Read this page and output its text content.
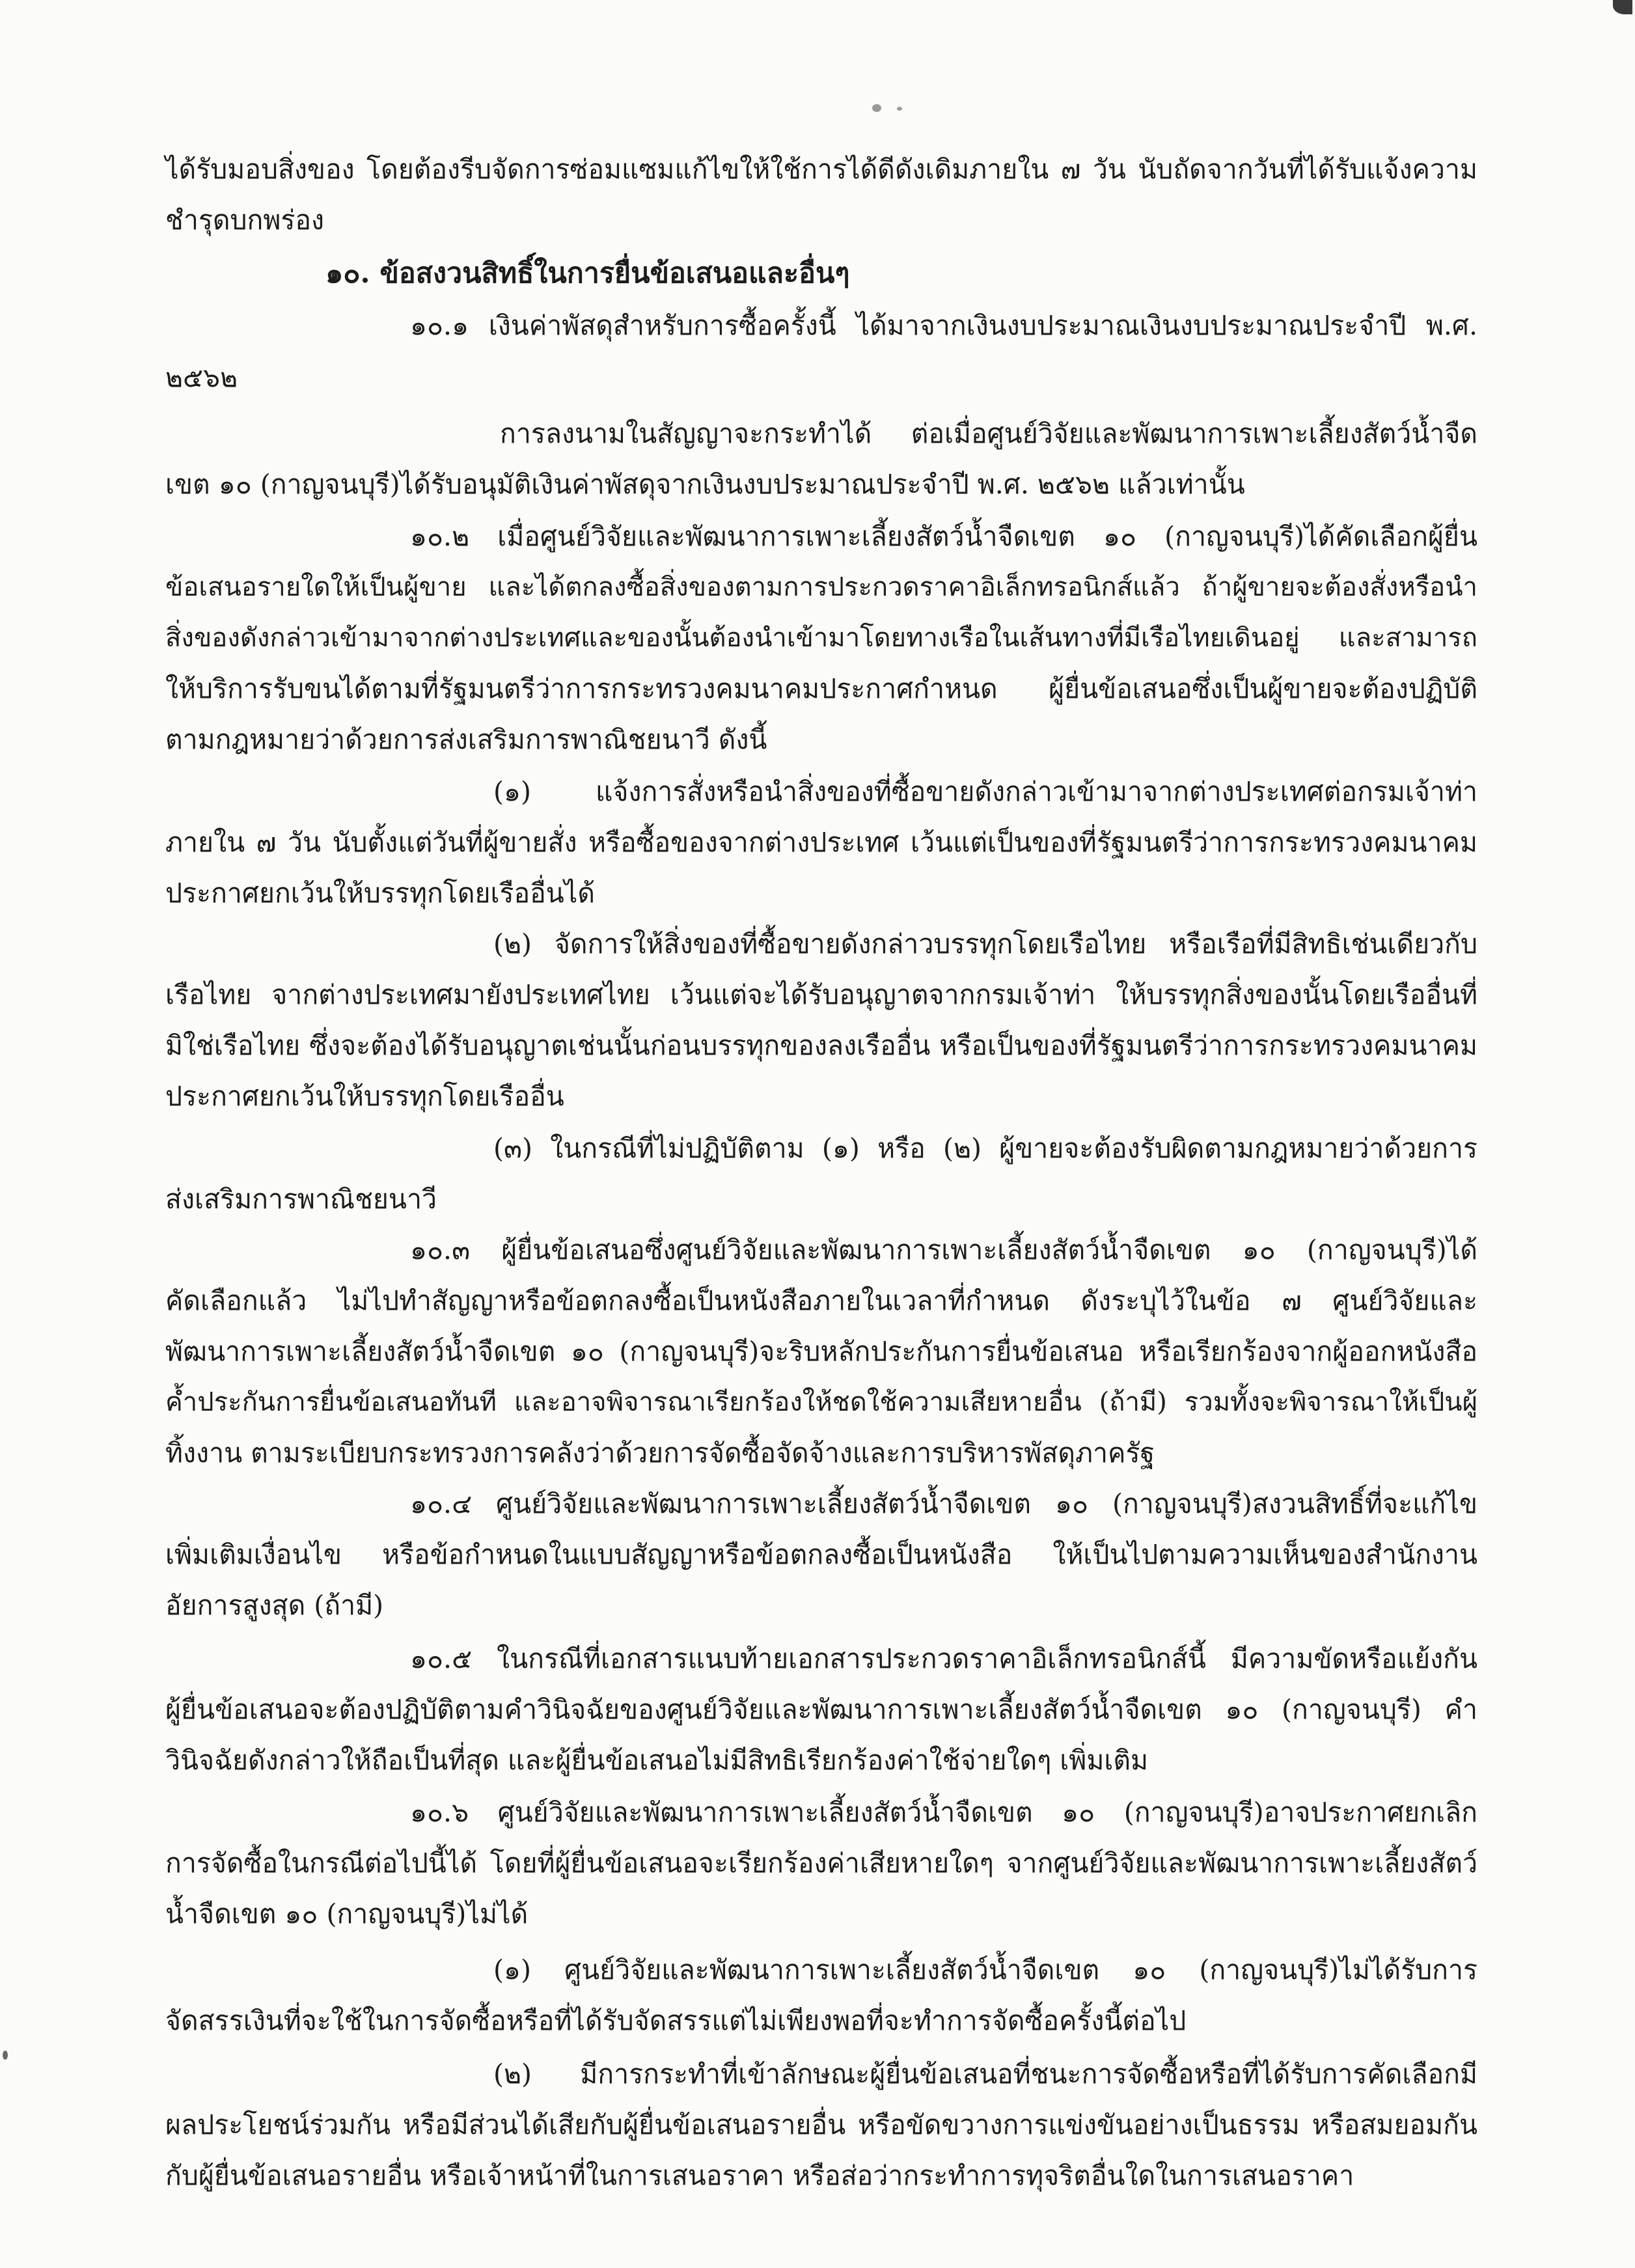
ได้รับมอบสิ่งของ โดยต้องรีบจัดการซ่อมแซมแก้ไขให้ใช้การได้ดีดังเดิมภายใน ๗ วัน นับถัดจากวันที่ได้รับแจ้งความ
ชำรุดบกพร่อง
๑๐. ข้อสงวนสิทธิ์ในการยื่นข้อเสนอและอื่นๆ
๑๐.๑ เงินค่าพัสดุสำหรับการซื้อครั้งนี้ ได้มาจากเงินงบประมาณเงินงบประมาณประจำปี พ.ศ.
๒๕๖๒
การลงนามในสัญญาจะกระทำได้ ต่อเมื่อศูนย์วิจัยและพัฒนาการเพาะเลี้ยงสัตว์น้ำจืด
เขต ๑๐ (กาญจนบุรี)ได้รับอนุมัติเงินค่าพัสดุจากเงินงบประมาณประจำปี พ.ศ. ๒๕๖๒ แล้วเท่านั้น
๑๐.๒ เมื่อศูนย์วิจัยและพัฒนาการเพาะเลี้ยงสัตว์น้ำจืดเขต ๑๐ (กาญจนบุรี)ได้คัดเลือกผู้ยื่น
ข้อเสนอรายใดให้เป็นผู้ขาย และได้ตกลงซื้อสิ่งของตามการประกวดราคาอิเล็กทรอนิกส์แล้ว ถ้าผู้ขายจะต้องสั่งหรือนำ
สิ่งของดังกล่าวเข้ามาจากต่างประเทศและของนั้นต้องนำเข้ามาโดยทางเรือในเส้นทางที่มีเรือไทยเดินอยู่ และสามารถ
ให้บริการรับขนได้ตามที่รัฐมนตรีว่าการกระทรวงคมนาคมประกาศกำหนด ผู้ยื่นข้อเสนอซึ่งเป็นผู้ขายจะต้องปฏิบัติ
ตามกฎหมายว่าด้วยการส่งเสริมการพาณิชยนาวี ดังนี้
(๑) แจ้งการสั่งหรือนำสิ่งของที่ซื้อขายดังกล่าวเข้ามาจากต่างประเทศต่อกรมเจ้าท่า
ภายใน ๗ วัน นับตั้งแต่วันที่ผู้ขายสั่ง หรือซื้อของจากต่างประเทศ เว้นแต่เป็นของที่รัฐมนตรีว่าการกระทรวงคมนาคม
ประกาศยกเว้นให้บรรทุกโดยเรืออื่นได้
(๒) จัดการให้สิ่งของที่ซื้อขายดังกล่าวบรรทุกโดยเรือไทย หรือเรือที่มีสิทธิเช่นเดียวกับ
เรือไทย จากต่างประเทศมายังประเทศไทย เว้นแต่จะได้รับอนุญาตจากกรมเจ้าท่า ให้บรรทุกสิ่งของนั้นโดยเรืออื่นที่
มิใช่เรือไทย ซึ่งจะต้องได้รับอนุญาตเช่นนั้นก่อนบรรทุกของลงเรืออื่น หรือเป็นของที่รัฐมนตรีว่าการกระทรวงคมนาคม
ประกาศยกเว้นให้บรรทุกโดยเรืออื่น
(๓) ในกรณีที่ไม่ปฏิบัติตาม (๑) หรือ (๒) ผู้ขายจะต้องรับผิดตามกฎหมายว่าด้วยการ
ส่งเสริมการพาณิชยนาวี
๑๐.๓ ผู้ยื่นข้อเสนอซึ่งศูนย์วิจัยและพัฒนาการเพาะเลี้ยงสัตว์น้ำจืดเขต ๑๐ (กาญจนบุรี)ได้
คัดเลือกแล้ว ไม่ไปทำสัญญาหรือข้อตกลงซื้อเป็นหนังสือภายในเวลาที่กำหนด ดังระบุไว้ในข้อ ๗ ศูนย์วิจัยและ
พัฒนาการเพาะเลี้ยงสัตว์น้ำจืดเขต ๑๐ (กาญจนบุรี)จะริบหลักประกันการยื่นข้อเสนอ หรือเรียกร้องจากผู้ออกหนังสือ
ค้ำประกันการยื่นข้อเสนอทันที และอาจพิจารณาเรียกร้องให้ชดใช้ความเสียหายอื่น (ถ้ามี) รวมทั้งจะพิจารณาให้เป็นผู้
ทิ้งงาน ตามระเบียบกระทรวงการคลังว่าด้วยการจัดซื้อจัดจ้างและการบริหารพัสดุภาครัฐ
๑๐.๔ ศูนย์วิจัยและพัฒนาการเพาะเลี้ยงสัตว์น้ำจืดเขต ๑๐ (กาญจนบุรี)สงวนสิทธิ์ที่จะแก้ไข
เพิ่มเติมเงื่อนไข หรือข้อกำหนดในแบบสัญญาหรือข้อตกลงซื้อเป็นหนังสือ ให้เป็นไปตามความเห็นของสำนักงาน
อัยการสูงสุด (ถ้ามี)
๑๐.๕ ในกรณีที่เอกสารแนบท้ายเอกสารประกวดราคาอิเล็กทรอนิกส์นี้ มีความขัดหรือแย้งกัน
ผู้ยื่นข้อเสนอจะต้องปฏิบัติตามคำวินิจฉัยของศูนย์วิจัยและพัฒนาการเพาะเลี้ยงสัตว์น้ำจืดเขต ๑๐ (กาญจนบุรี) คำ
วินิจฉัยดังกล่าวให้ถือเป็นที่สุด และผู้ยื่นข้อเสนอไม่มีสิทธิเรียกร้องค่าใช้จ่ายใดๆ เพิ่มเติม
๑๐.๖ ศูนย์วิจัยและพัฒนาการเพาะเลี้ยงสัตว์น้ำจืดเขต ๑๐ (กาญจนบุรี)อาจประกาศยกเลิก
การจัดซื้อในกรณีต่อไปนี้ได้ โดยที่ผู้ยื่นข้อเสนอจะเรียกร้องค่าเสียหายใดๆ จากศูนย์วิจัยและพัฒนาการเพาะเลี้ยงสัตว์
น้ำจืดเขต ๑๐ (กาญจนบุรี)ไม่ได้
(๑) ศูนย์วิจัยและพัฒนาการเพาะเลี้ยงสัตว์น้ำจืดเขต ๑๐ (กาญจนบุรี)ไม่ได้รับการ
จัดสรรเงินที่จะใช้ในการจัดซื้อหรือที่ได้รับจัดสรรแต่ไม่เพียงพอที่จะทำการจัดซื้อครั้งนี้ต่อไป
(๒) มีการกระทำที่เข้าลักษณะผู้ยื่นข้อเสนอที่ชนะการจัดซื้อหรือที่ได้รับการคัดเลือกมี
ผลประโยชน์ร่วมกัน หรือมีส่วนได้เสียกับผู้ยื่นข้อเสนอรายอื่น หรือขัดขวางการแข่งขันอย่างเป็นธรรม หรือสมยอมกัน
กับผู้ยื่นข้อเสนอรายอื่น หรือเจ้าหน้าที่ในการเสนอราคา หรือส่อว่ากระทำการทุจริตอื่นใดในการเสนอราคา
